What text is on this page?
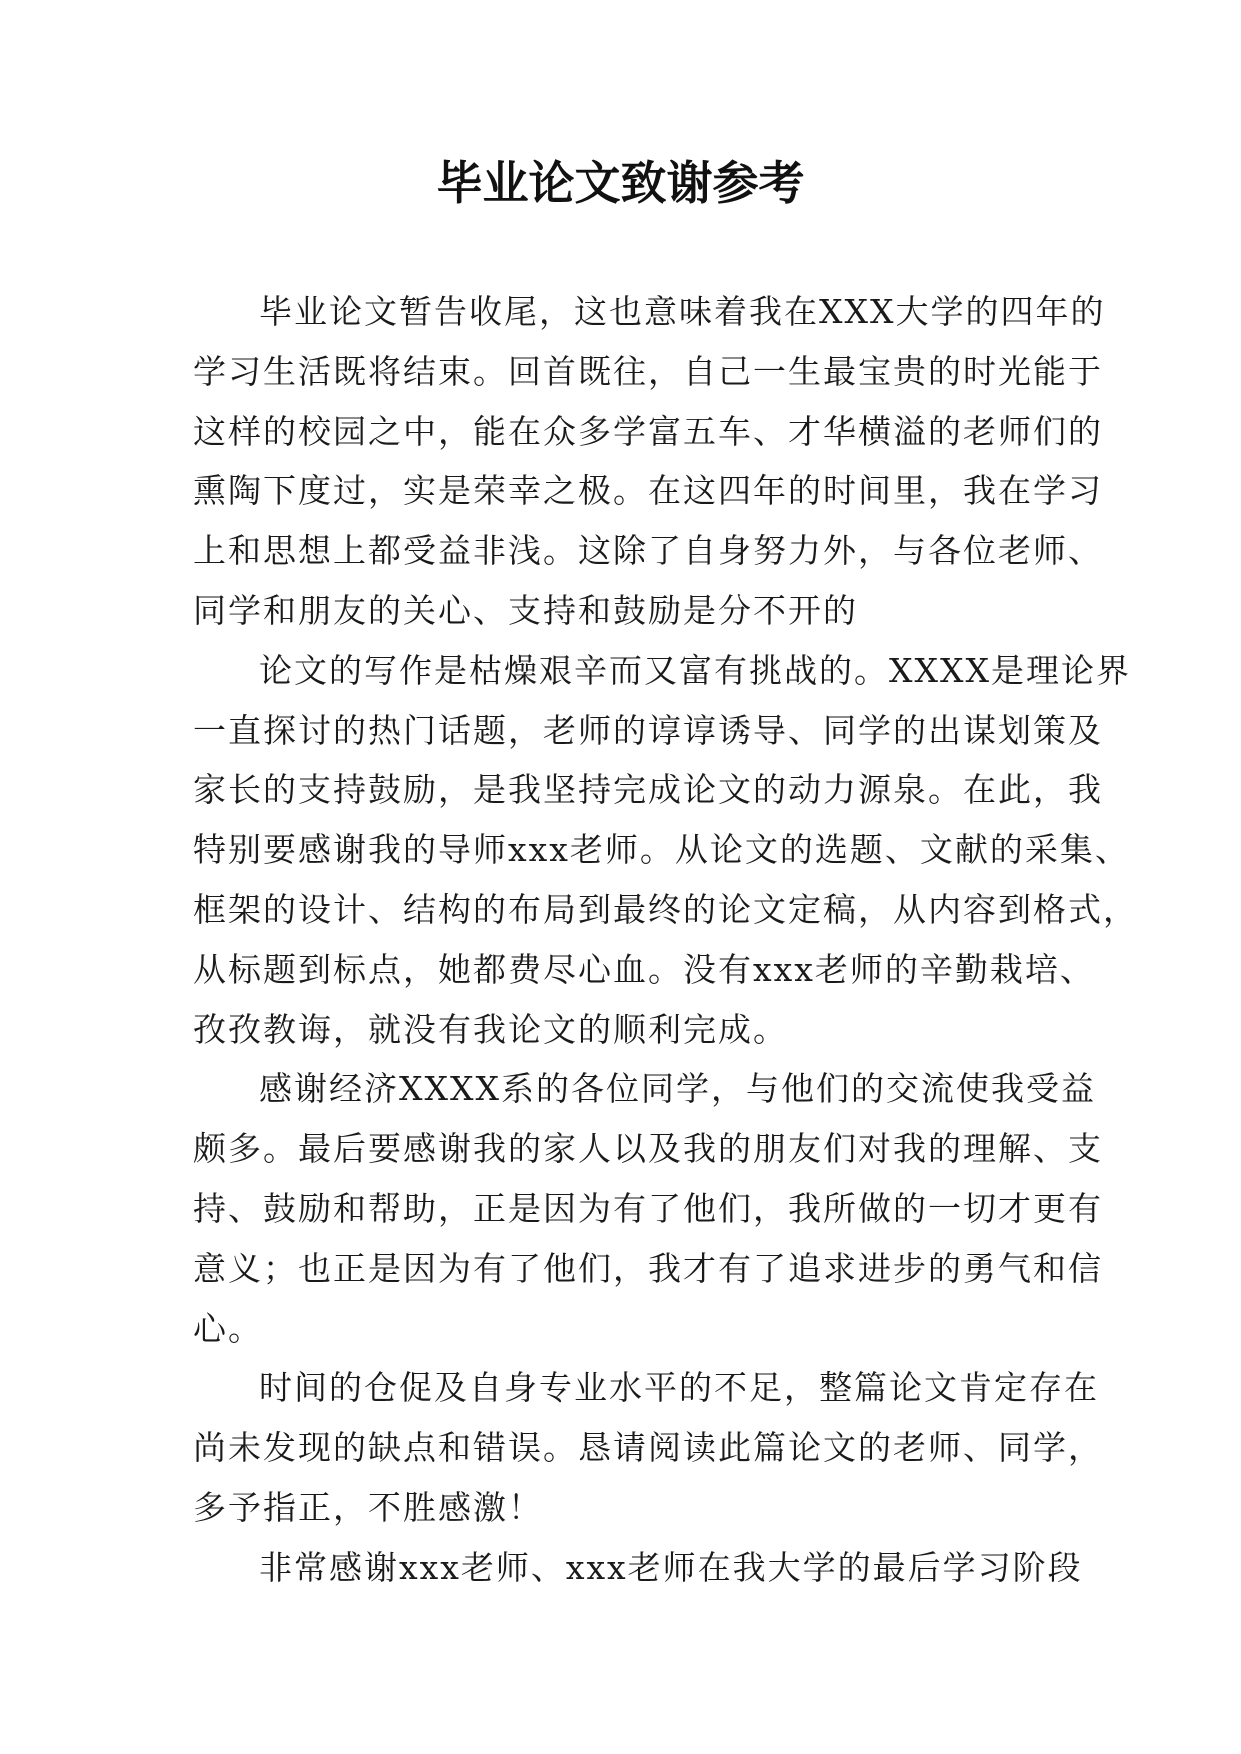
毕业论文致谢参考
毕业论文暂告收尾，这也意味着我在XXX大学的四年的
学习生活既将结束。回首既往，自己一生最宝贵的时光能于
这样的校园之中，能在众多学富五车、才华横溢的老师们的
熏陶下度过，实是荣幸之极。在这四年的时间里，我在学习
上和思想上都受益非浅。这除了自身努力外，与各位老师、
同学和朋友的关心、支持和鼓励是分不开的
论文的写作是枯燥艰辛而又富有挑战的。XXXX是理论界
一直探讨的热门话题，老师的谆谆诱导、同学的出谋划策及
家长的支持鼓励，是我坚持完成论文的动力源泉。在此，我
特别要感谢我的导师xxx老师。从论文的选题、文献的采集、
框架的设计、结构的布局到最终的论文定稿，从内容到格式，
从标题到标点，她都费尽心血。没有xxx老师的辛勤栽培、
孜孜教诲，就没有我论文的顺利完成。
感谢经济XXXX系的各位同学，与他们的交流使我受益
颇多。最后要感谢我的家人以及我的朋友们对我的理解、支
持、鼓励和帮助，正是因为有了他们，我所做的一切才更有
意义；也正是因为有了他们，我才有了追求进步的勇气和信
心。
时间的仓促及自身专业水平的不足，整篇论文肯定存在
尚未发现的缺点和错误。恳请阅读此篇论文的老师、同学，
多予指正，不胜感激！
非常感谢xxx老师、xxx老师在我大学的最后学习阶段
